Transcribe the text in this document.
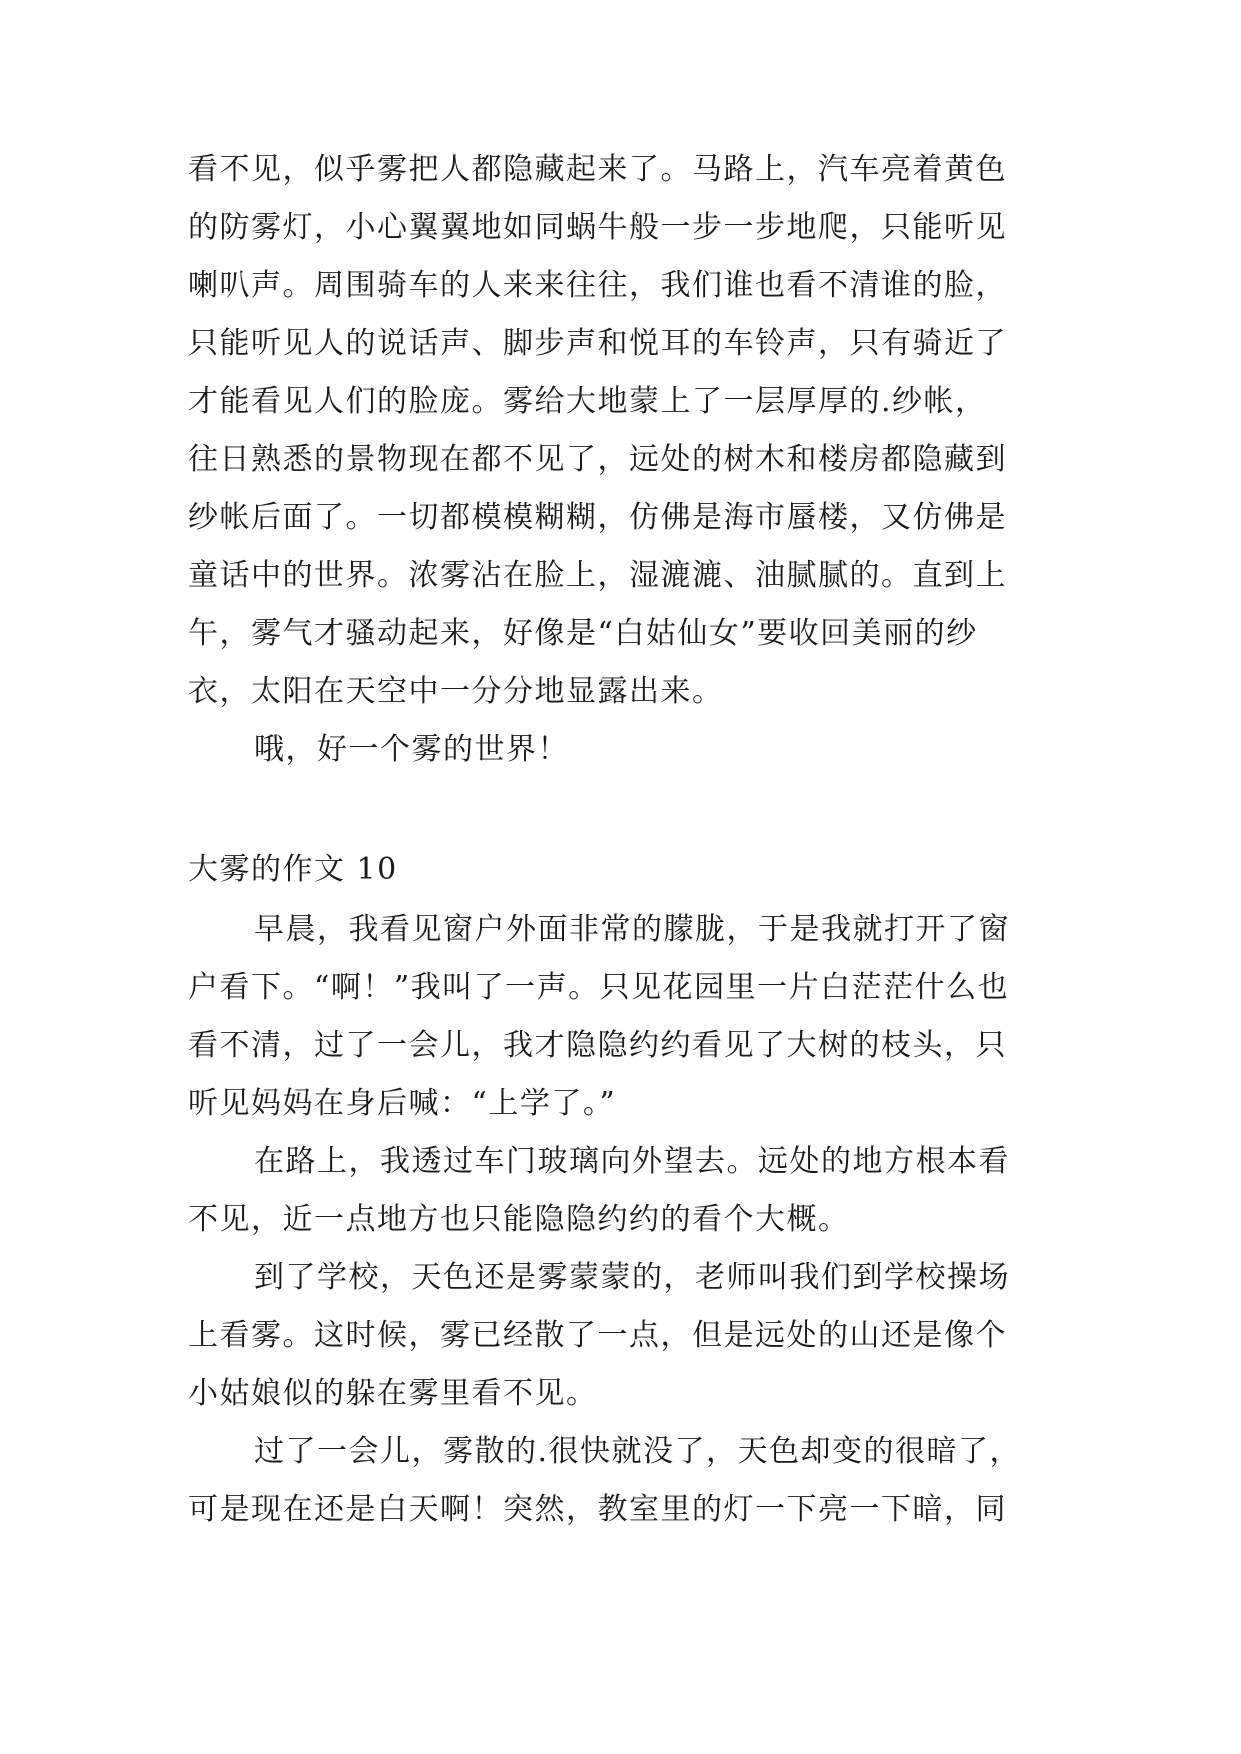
看不见，似乎雾把人都隐藏起来了。马路上，汽车亮着黄色
的防雾灯，小心翼翼地如同蜗牛般一步一步地爬，只能听见
喇叭声。周围骑车的人来来往往，我们谁也看不清谁的脸，
只能听见人的说话声、脚步声和悦耳的车铃声，只有骑近了
才能看见人们的脸庞。雾给大地蒙上了一层厚厚的.纱帐，
往日熟悉的景物现在都不见了，远处的树木和楼房都隐藏到
纱帐后面了。一切都模模糊糊，仿佛是海市蜃楼，又仿佛是
童话中的世界。浓雾沾在脸上，湿漉漉、油腻腻的。直到上
午，雾气才骚动起来，好像是“白姑仙女”要收回美丽的纱
衣，太阳在天空中一分分地显露出来。
哦，好一个雾的世界！
大雾的作文 10
早晨，我看见窗户外面非常的朦胧，于是我就打开了窗
户看下。“啊！”我叫了一声。只见花园里一片白茫茫什么也
看不清，过了一会儿，我才隐隐约约看见了大树的枝头，只
听见妈妈在身后喊：“上学了。”
在路上，我透过车门玻璃向外望去。远处的地方根本看
不见，近一点地方也只能隐隐约约的看个大概。
到了学校，天色还是雾蒙蒙的，老师叫我们到学校操场
上看雾。这时候，雾已经散了一点，但是远处的山还是像个
小姑娘似的躲在雾里看不见。
过了一会儿，雾散的.很快就没了，天色却变的很暗了，
可是现在还是白天啊！突然，教室里的灯一下亮一下暗，同
